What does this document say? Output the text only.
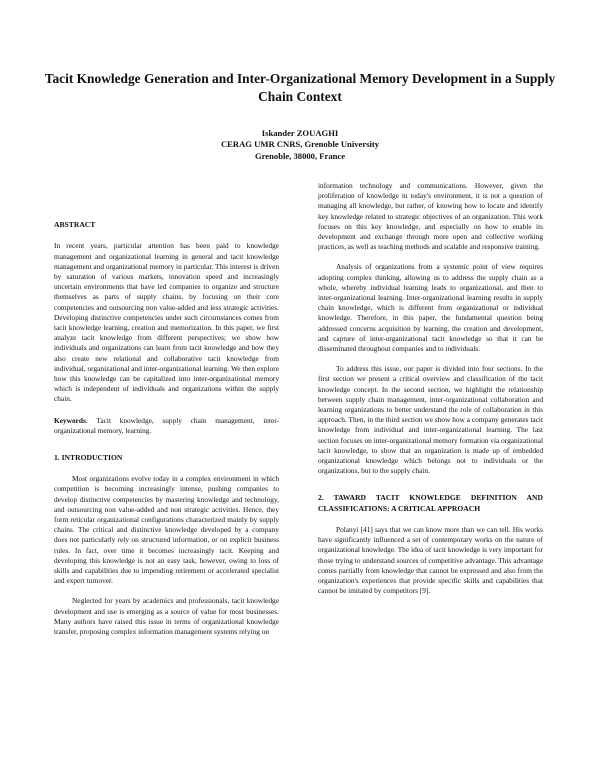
Tacit Knowledge Generation and Inter-Organizational Memory Development in a Supply Chain Context
Iskander ZOUAGHI
CERAG UMR CNRS, Grenoble University
Grenoble, 38000, France

ABSTRACT

In recent years, particular attention has been paid to knowledge management and organizational learning in general and tacit knowledge management and organizational memory in particular. This interest is driven by saturation of various markets, innovation speed and increasingly uncertain environments that have led companies to organize and structure themselves as parts of supply chains, by focusing on their core competencies and outsourcing non value-added and less strategic activities. Developing distinctive competencies under such circumstances comes from tacit knowledge learning, creation and memorization. In this paper, we first analyze tacit knowledge from different perspectives; we show how individuals and organizations can learn from tacit knowledge and how they also create new relational and collaborative tacit knowledge from individual, organizational and inter-organizational learning. We then explore how this knowledge can be capitalized into inter-organizational memory which is independent of individuals and organizations within the supply chain.

Keywords: Tacit knowledge, supply chain management, inter-organizational memory, learning.

1. INTRODUCTION

Most organizations evolve today in a complex environment in which competition is becoming increasingly intense, pushing companies to develop distinctive competencies by mastering knowledge and technology, and outsourcing non value-added and non strategic activities. Hence, they form reticular organizational configurations characterized mainly by supply chains. The critical and distinctive knowledge developed by a company does not particularly rely on structured information, or on explicit business rules. In fact, over time it becomes increasingly tacit. Keeping and developing this knowledge is not an easy task, however, owing to loss of skills and capabilities due to impending retirement or accelerated specialist and expert turnover.

Neglected for years by academics and professionals, tacit knowledge development and use is emerging as a source of value for most businesses. Many authors have raised this issue in terms of organizational knowledge transfer, proposing complex information management systems relying on

information technology and communications. However, given the proliferation of knowledge in today's environment, it is not a question of managing all knowledge, but rather, of knowing how to locate and identify key knowledge related to strategic objectives of an organization. This work focuses on this key knowledge, and especially on how to enable its development and exchange through more open and collective working practices, as well as teaching methods and scalable and responsive training.

Analysis of organizations from a systemic point of view requires adopting complex thinking, allowing us to address the supply chain as a whole, whereby individual learning leads to organizational, and then to inter-organizational learning. Inter-organizational learning results in supply chain knowledge, which is different from organizational or individual knowledge. Therefore, in this paper, the fundamental question being addressed concerns acquisition by learning, the creation and development, and capture of inter-organizational tacit knowledge so that it can be disseminated throughout companies and to individuals.

To address this issue, our paper is divided into four sections. In the first section we present a critical overview and classification of the tacit knowledge concept. In the second section, we highlight the relationship between supply chain management, inter-organizational collaboration and learning organizations to better understand the role of collaboration in this approach. Then, in the third section we show how a company generates tacit knowledge from individual and inter-organizational learning. The last section focuses on inter-organizational memory formation via organizational tacit knowledge, to show that an organization is made up of embedded organizational knowledge which belongs not to individuals or the organizations, but to the supply chain.

2. TAWARD TACIT KNOWLEDGE DEFINITION AND CLASSIFICATIONS: A CRITICAL APPROACH

Polanyi [41] says that we can know more than we can tell. His works have significantly influenced a set of contemporary works on the nature of organizational knowledge. The idea of tacit knowledge is very important for those trying to understand sources of competitive advantage. This advantage comes partially from knowledge that cannot be expressed and also from the organization's experiences that provide specific skills and capabilities that cannot be imitated by competitors [9].
